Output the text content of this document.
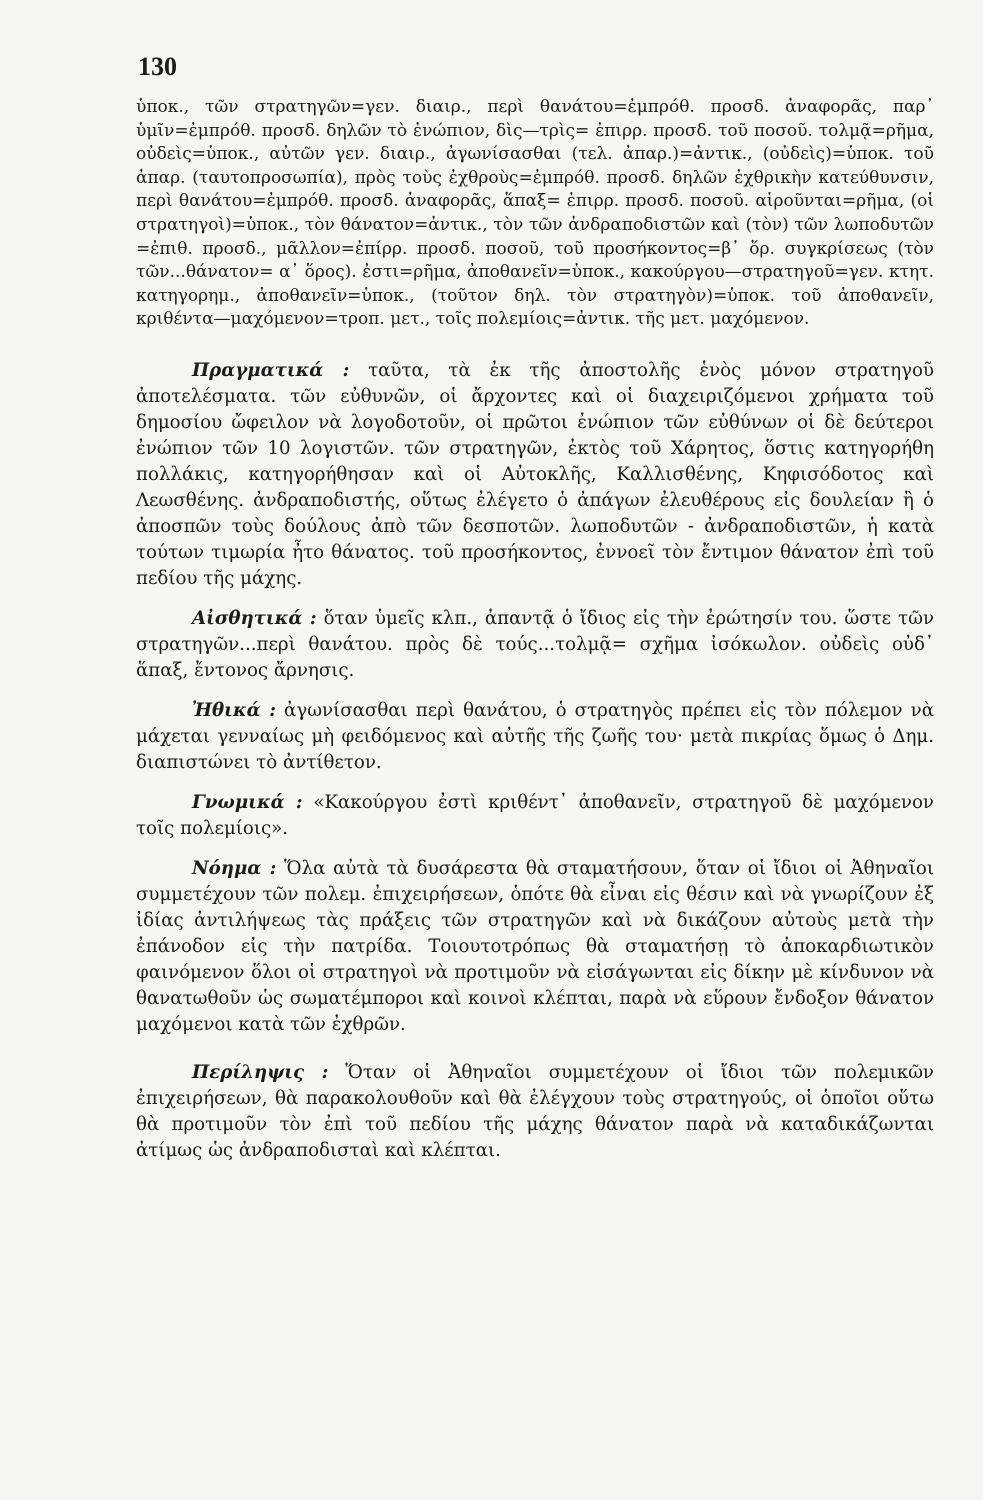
130

ὑποκ., τῶν στρατηγῶν=γεν. διαιρ., περὶ θανάτου=ἐμπρόθ. προσδ. ἀναφορᾶς, παρ᾽ ὑμῖν=ἐμπρόθ. προσδ. δηλῶν τὸ ἐνώπιον, δὶς—τρὶς= ἐπιρρ. προσδ. τοῦ ποσοῦ. τολμᾷ=ρῆμα, οὐδεὶς=ὑποκ., αὐτῶν γεν. διαιρ., ἀγωνίσασθαι (τελ. ἀπαρ.)=ἀντικ., (οὐδεὶς)=ὑποκ. τοῦ ἀπαρ. (ταυτοπροσωπία), πρὸς τοὺς ἐχθροὺς=ἐμπρόθ. προσδ. δηλῶν ἐχθρικὴν κατεύθυνσιν, περὶ θανάτου=ἐμπρόθ. προσδ. ἀναφορᾶς, ἅπαξ= ἐπιρρ. προσδ. ποσοῦ. αἱροῦνται=ρῆμα, (οἱ στρατηγοὶ)=ὑποκ., τὸν θάνατον=ἀντικ., τὸν τῶν ἀνδραποδιστῶν καὶ (τὸν) τῶν λωποδυτῶν =ἐπιθ. προσδ., μᾶλλον=ἐπίρρ. προσδ. ποσοῦ, τοῦ προσήκοντος=β᾽ ὅρ. συγκρίσεως (τὸν τῶν...θάνατον= α᾽ ὅρος). ἐστι=ρῆμα, ἀποθανεῖν=ὑποκ., κακούργου—στρατηγοῦ=γεν. κτητ. κατηγορημ., ἀποθανεῖν=ὑποκ., (τοῦτον δηλ. τὸν στρατηγὸν)=ὑποκ. τοῦ ἀποθανεῖν, κριθέντα—μαχόμενον=τροπ. μετ., τοῖς πολεμίοις=ἀντικ. τῆς μετ. μαχόμενον.

Πραγματικά : ταῦτα, τὰ ἐκ τῆς ἀποστολῆς ἑνὸς μόνον στρατηγοῦ ἀποτελέσματα. τῶν εὐθυνῶν, οἱ ἄρχοντες καὶ οἱ διαχειριζόμενοι χρήματα τοῦ δημοσίου ὤφειλον νὰ λογοδοτοῦν, οἱ πρῶτοι ἐνώπιον τῶν εὐθύνων οἱ δὲ δεύτεροι ἐνώπιον τῶν 10 λογιστῶν. τῶν στρατηγῶν, ἐκτὸς τοῦ Χάρητος, ὅστις κατηγορήθη πολλάκις, κατηγορήθησαν καὶ οἱ Αὐτοκλῆς, Καλλισθένης, Κηφισόδοτος καὶ Λεωσθένης. ἀνδραποδιστής, οὕτως ἐλέγετο ὁ ἀπάγων ἐλευθέρους εἰς δουλείαν ἢ ὁ ἀποσπῶν τοὺς δούλους ἀπὸ τῶν δεσποτῶν. λωποδυτῶν - ἀνδραποδιστῶν, ἡ κατὰ τούτων τιμωρία ἦτο θάνατος. τοῦ προσήκοντος, ἐννοεῖ τὸν ἔντιμον θάνατον ἐπὶ τοῦ πεδίου τῆς μάχης.

Αἰσθητικά : ὅταν ὑμεῖς κλπ., ἀπαντᾷ ὁ ἴδιος εἰς τὴν ἐρώτησίν του. ὥστε τῶν στρατηγῶν...περὶ θανάτου. πρὸς δὲ τούς...τολμᾷ= σχῆμα ἰσόκωλον. οὐδεὶς οὐδ᾽ ἅπαξ, ἔντονος ἄρνησις.

Ἠθικά : ἀγωνίσασθαι περὶ θανάτου, ὁ στρατηγὸς πρέπει εἰς τὸν πόλεμον νὰ μάχεται γενναίως μὴ φειδόμενος καὶ αὐτῆς τῆς ζωῆς του· μετὰ πικρίας ὅμως ὁ Δημ. διαπιστώνει τὸ ἀντίθετον.

Γνωμικά : «Κακούργου ἐστὶ κριθέντ᾽ ἀποθανεῖν, στρατηγοῦ δὲ μαχόμενον τοῖς πολεμίοις».

Νόημα : Ὅλα αὐτὰ τὰ δυσάρεστα θὰ σταματήσουν, ὅταν οἱ ἴδιοι οἱ Ἀθηναῖοι συμμετέχουν τῶν πολεμ. ἐπιχειρήσεων, ὁπότε θὰ εἶναι εἰς θέσιν καὶ νὰ γνωρίζουν ἐξ ἰδίας ἀντιλήψεως τὰς πράξεις τῶν στρατηγῶν καὶ νὰ δικάζουν αὐτοὺς μετὰ τὴν ἐπάνοδον εἰς τὴν πατρίδα. Τοιουτοτρόπως θὰ σταματήσῃ τὸ ἀποκαρδιωτικὸν φαινόμενον ὅλοι οἱ στρατηγοὶ νὰ προτιμοῦν νὰ εἰσάγωνται εἰς δίκην μὲ κίνδυνον νὰ θανατωθοῦν ὡς σωματέμποροι καὶ κοινοὶ κλέπται, παρὰ νὰ εὕρουν ἔνδοξον θάνατον μαχόμενοι κατὰ τῶν ἐχθρῶν.

Περίληψις : Ὅταν οἱ Ἀθηναῖοι συμμετέχουν οἱ ἴδιοι τῶν πολεμικῶν ἐπιχειρήσεων, θὰ παρακολουθοῦν καὶ θὰ ἐλέγχουν τοὺς στρατηγούς, οἱ ὁποῖοι οὕτω θὰ προτιμοῦν τὸν ἐπὶ τοῦ πεδίου τῆς μάχης θάνατον παρὰ νὰ καταδικάζωνται ἀτίμως ὡς ἀνδραποδισταὶ καὶ κλέπται.
